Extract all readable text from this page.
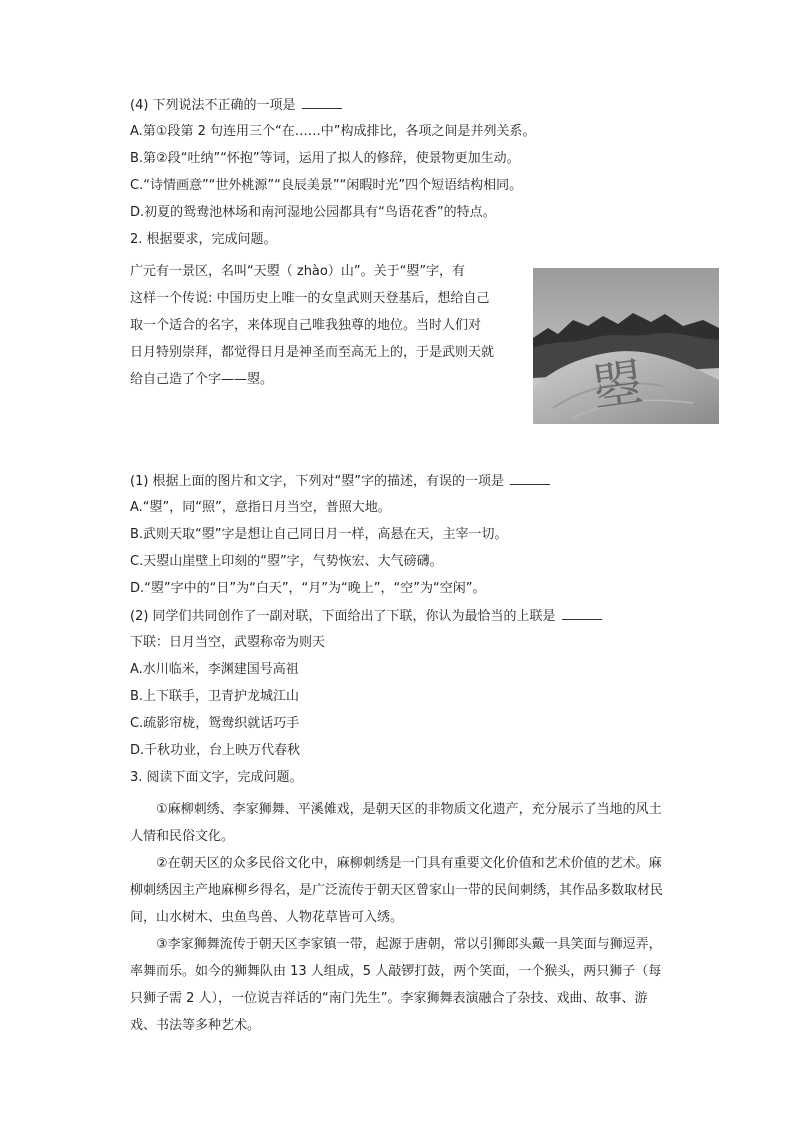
(4) 下列说法不正确的一项是
A.第①段第 2 句连用三个“在……中”构成排比，各项之间是并列关系。
B.第②段“吐纳”“怀抱”等词，运用了拟人的修辞，使景物更加生动。
C.“诗情画意”“世外桃源”“良辰美景”“闲暇时光”四个短语结构相同。
D.初夏的鸳鸯池林场和南河湿地公园都具有“鸟语花香”的特点。
2. 根据要求，完成问题。
广元有一景区，名叫“天曌（ zhào）山”。关于“曌”字，有
这样一个传说: 中国历史上唯一的女皇武则天登基后，想给自己
取一个适合的名字，来体现自己唯我独尊的地位。当时人们对
日月特别崇拜，都觉得日月是神圣而至高无上的，于是武则天就
给自己造了个字——曌。	曌
(1) 根据上面的图片和文字，下列对“曌”字的描述，有误的一项是
A.“曌”，同“照”，意指日月当空，普照大地。
B.武则天取“曌”字是想让自己同日月一样，高悬在天，主宰一切。
C.天曌山崖壁上印刻的“曌”字，气势恢宏、大气磅礴。
D.“曌”字中的“日”为“白天”，“月”为“晚上”，“空”为“空闲”。
(2) 同学们共同创作了一副对联，下面给出了下联，你认为最恰当的上联是
下联：日月当空，武曌称帝为则天
A.水川临米，李渊建国号高祖
B.上下联手，卫青护龙城江山
C.疏影帘栊，鸳鸯织就话巧手
D.千秋功业，台上映万代春秋
3. 阅读下面文字，完成问题。
①麻柳刺绣、李家狮舞、平溪傩戏，是朝天区的非物质文化遗产，充分展示了当地的风土人情和民俗文化。
②在朝天区的众多民俗文化中，麻柳刺绣是一门具有重要文化价值和艺术价值的艺术。麻柳刺绣因主产地麻柳乡得名，是广泛流传于朝天区曾家山一带的民间刺绣，其作品多数取材民间，山水树木、虫鱼鸟兽、人物花草皆可入绣。
③李家狮舞流传于朝天区李家镇一带，起源于唐朝，常以引狮郎头戴一具笑面与狮逗弄，率舞而乐。如今的狮舞队由 13 人组成，5 人敲锣打鼓，两个笑面，一个猴头，两只狮子（每只狮子需 2 人），一位说吉祥话的“南门先生”。李家狮舞表演融合了杂技、戏曲、故事、游戏、书法等多种艺术。
